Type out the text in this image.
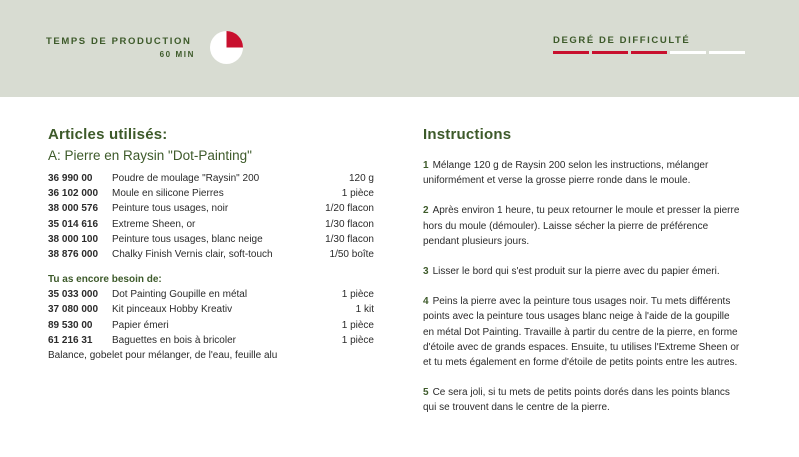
TEMPS DE PRODUCTION
60 MIN
DEGRÉ DE DIFFICULTÉ
Articles utilisés:
A: Pierre en Raysin "Dot-Painting"
36 990 00	Poudre de moulage "Raysin" 200	120 g
36 102 000	Moule en silicone Pierres	1 pièce
38 000 576	Peinture tous usages, noir	1/20 flacon
35 014 616	Extreme Sheen, or	1/30 flacon
38 000 100	Peinture tous usages, blanc neige	1/30 flacon
38 876 000	Chalky Finish Vernis clair, soft-touch	1/50 boîte
Tu as encore besoin de:
35 033 000	Dot Painting Goupille en métal	1 pièce
37 080 000	Kit pinceaux Hobby Kreativ	1 kit
89 530 00	Papier émeri	1 pièce
61 216 31	Baguettes en bois à bricoler	1 pièce
Balance, gobelet pour mélanger, de l'eau, feuille alu
Instructions
1 Mélange 120 g de Raysin 200 selon les instructions, mélanger uniformément et verse la grosse pierre ronde dans le moule.
2 Après environ 1 heure, tu peux retourner le moule et presser la pierre hors du moule (démouler). Laisse sécher la pierre de préférence pendant plusieurs jours.
3 Lisser le bord qui s'est produit sur la pierre avec du papier émeri.
4 Peins la pierre avec la peinture tous usages noir. Tu mets différents points avec la peinture tous usages blanc neige à l'aide de la goupille en métal Dot Painting. Travaille à partir du centre de la pierre, en forme d'étoile avec de grands espaces. Ensuite, tu utilises l'Extreme Sheen or et tu mets également en forme d'étoile de petits points entre les autres.
5 Ce sera joli, si tu mets de petits points dorés dans les points blancs qui se trouvent dans le centre de la pierre.
